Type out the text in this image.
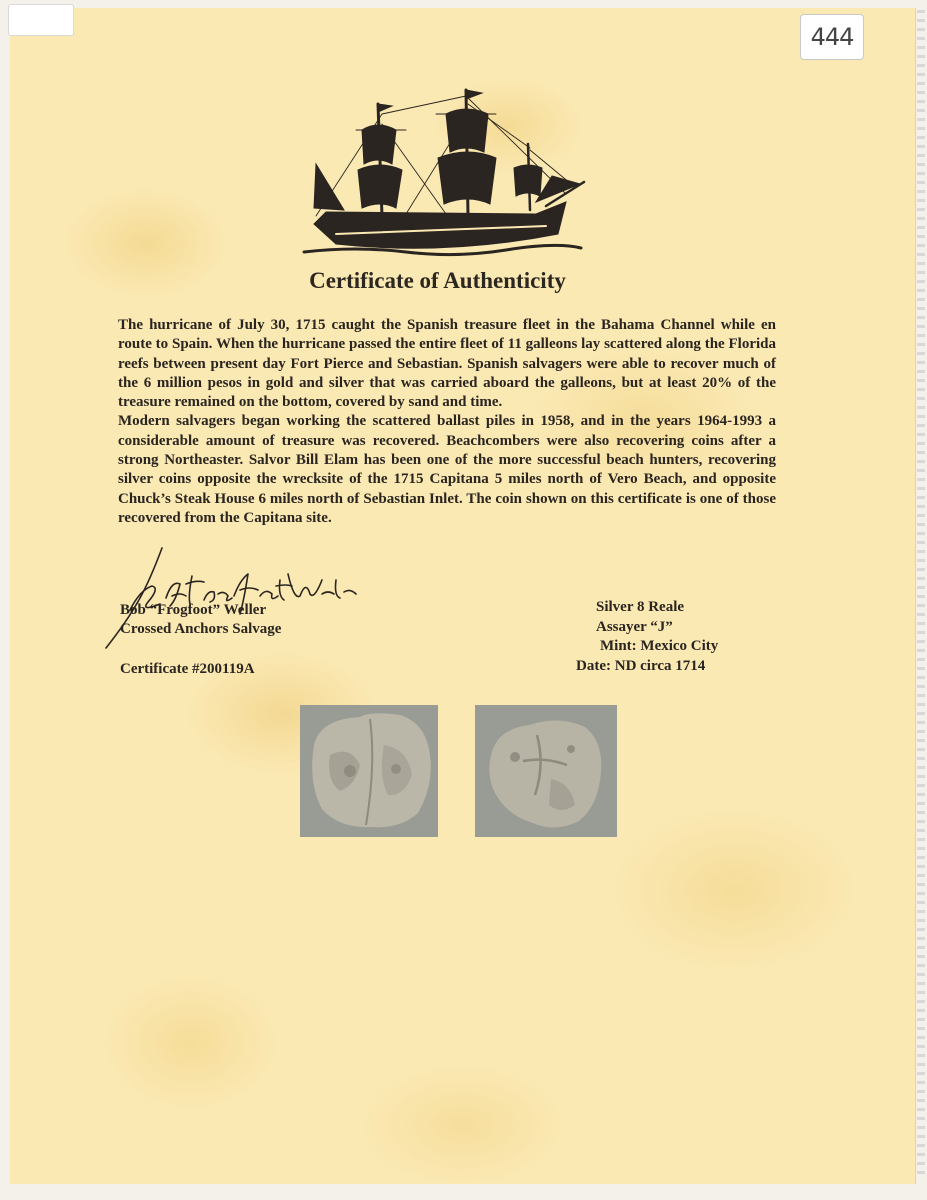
444
Certificate of Authenticity

The hurricane of July 30, 1715 caught the Spanish treasure fleet in the Bahama Channel while en route to Spain. When the hurricane passed the entire fleet of 11 galleons lay scattered along the Florida reefs between present day Fort Pierce and Sebastian. Spanish salvagers were able to recover much of the 6 million pesos in gold and silver that was carried aboard the galleons, but at least 20% of the treasure remained on the bottom, covered by sand and time.

Modern salvagers began working the scattered ballast piles in 1958, and in the years 1964-1993 a considerable amount of treasure was recovered. Beachcombers were also recovering coins after a strong Northeaster. Salvor Bill Elam has been one of the more successful beach hunters, recovering silver coins opposite the wrecksite of the 1715 Capitana 5 miles north of Vero Beach, and opposite Chuck’s Steak House 6 miles north of Sebastian Inlet. The coin shown on this certificate is one of those recovered from the Capitana site.

Bob “Frogfoot” Weller
Crossed Anchors Salvage
Certificate #200119A
Silver 8 Reale
Assayer “J”
Mint: Mexico City
Date: ND circa 1714
